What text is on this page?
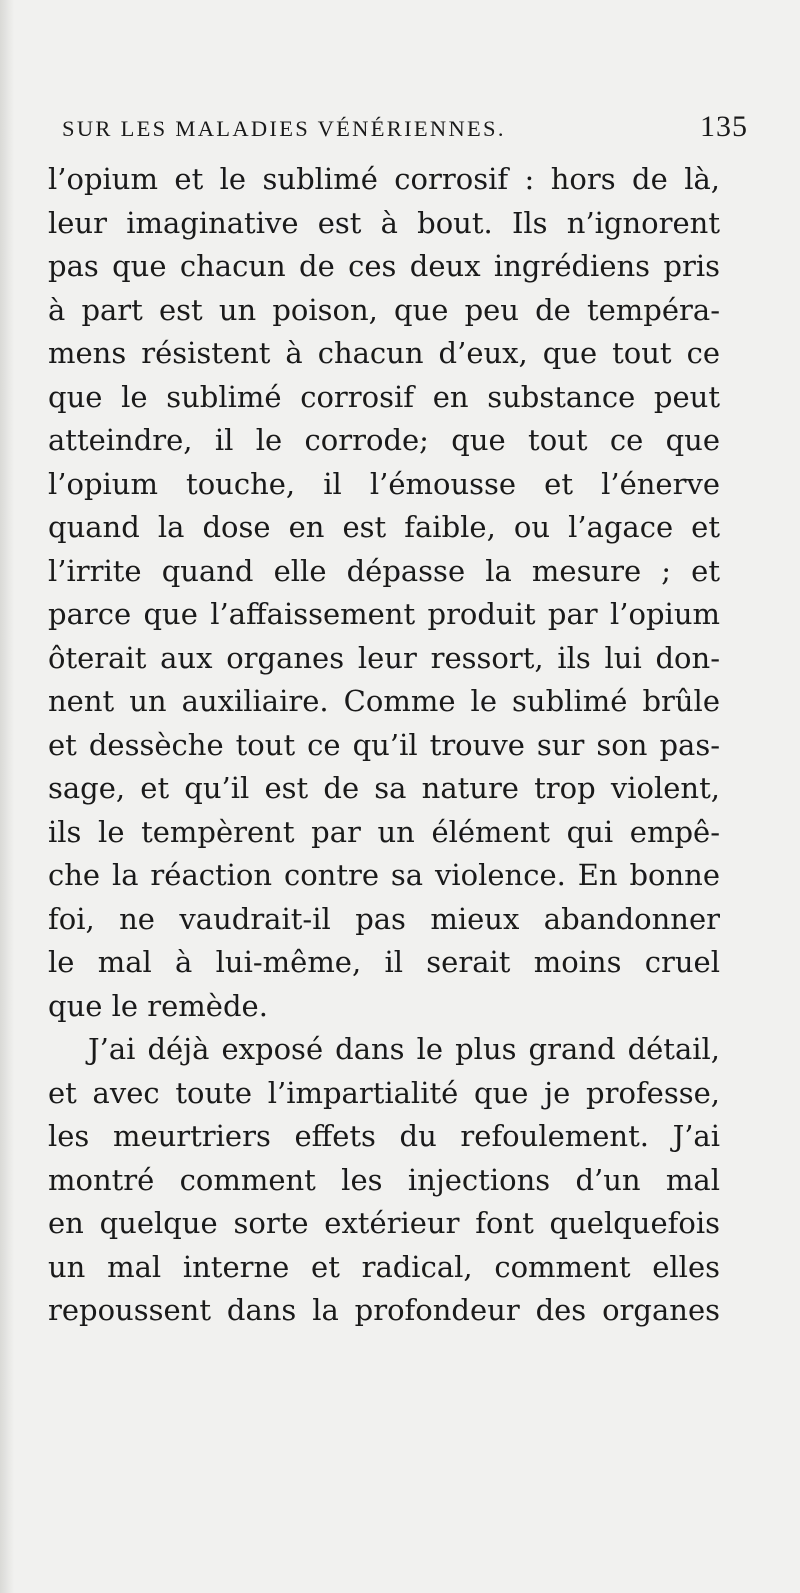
SUR LES MALADIES VÉNÉRIENNES.	135
l’opium et le sublimé corrosif : hors de là,
leur imaginative est à bout. Ils n’ignorent
pas que chacun de ces deux ingrédiens pris
à part est un poison, que peu de tempéra-
mens résistent à chacun d’eux, que tout ce
que le sublimé corrosif en substance peut
atteindre, il le corrode; que tout ce que
l’opium touche, il l’émousse et l’énerve
quand la dose en est faible, ou l’agace et
l’irrite quand elle dépasse la mesure ; et
parce que l’affaissement produit par l’opium
ôterait aux organes leur ressort, ils lui don-
nent un auxiliaire. Comme le sublimé brûle
et dessèche tout ce qu’il trouve sur son pas-
sage, et qu’il est de sa nature trop violent,
ils le tempèrent par un élément qui empê-
che la réaction contre sa violence. En bonne
foi, ne vaudrait-il pas mieux abandonner
le mal à lui-même, il serait moins cruel
que le remède.
J’ai déjà exposé dans le plus grand détail,
et avec toute l’impartialité que je professe,
les meurtriers effets du refoulement. J’ai
montré comment les injections d’un mal
en quelque sorte extérieur font quelquefois
un mal interne et radical, comment elles
repoussent dans la profondeur des organes
